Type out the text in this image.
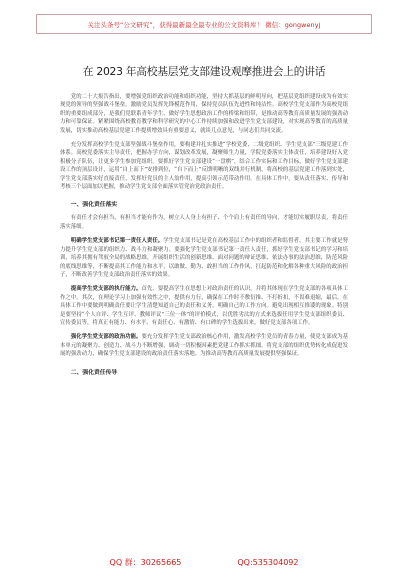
关注头条号“公文研究”，获得最新最全最专业的公文资料库！ 微信：gongwenyj
在 2023 年高校基层党支部建设观摩推进会上的讲话

党的二十大报告指出，要增强党组织政治功能和组织功能，坚持大抓基层的鲜明导向，把基层党组织建设成为有效实现党的领导的坚强战斗堡垒。激励党员发挥先锋模范作用，保持党员队伍先进性和纯洁性。高校学生党支部作为高校党组织的重要组成部分，是我们党联系青年学生、做好学生思想政治工作的桥梁和纽带，是推动高等教育高质量发展的强劲动力和可靠保证。紧紧围绕高校教育教学和科学研究的中心工作持续加强和改进学生党支部建设，对实现高等教育的高质量发展，切实推动高校基层党建工作提质增效具有重要意义，就谈几点意见，与同志们共同交流。

充分发挥高校学生党支部坚强战斗堡垒作用，要构建并扎实推进“学校党委、二级党组织、学生党支部”三级党建工作体系。高校党委落实主导责任，把握办学方向，谋划改革发展，凝聚师生力量，学院党委落实主体责任，培养建设好入党积极分子队伍，让更多学生参加党组织。要抓好学生党支部建设“一盘棋”，结合工作实际和工作目标，做好学生党支部建设工作的顶层设计，运用“自上而下”安排到位，“自下而上”反馈明晰的双线并行机制，将高校的基层党建工作落到实处，学生党支部落实好直接责任，发挥好党员的主人翁作用，提高引领示范带动作用。在具体工作中，要从责任落实、传导和考核三个层面加以把握，推动学生党支部全面落实管党治党政治责任。

一、强化责任落实

有责任才会有担当，有担当才能有作为，树立人人身上有担子、个个肩上有责任的导向，才能切实履职尽责，将责任落实落细。

明确学生党支部书记第一责任人责任。学生党支部书记是党在高校基层工作中的组织者和监督者，其主要工作就是努力提升学生党支部的组织力、战斗力和凝聚力。要强化学生党支部书记第一责任人责任，抓好学生党支部书记的学习和培训，培养其拥有驾驭全局的战略思维，开展组织生活的创新思维、面对问题的辩证思维、依法办事的法治思维，防范风险的底线思维等，不断提高其工作能力和水平，以敢做、勤为、敢担当的工作作风，扛起防范和化解各种重大风险的政治担子，不断改善学生党支部政治责任落实的效果。

提高学生党支部的执行能力。首先，要提高学生在思想上对政治责任的认识，并将其体现在学生党支部的各项具体工作之中。其次，在理论学习上加强有效性之中，提供有力行，确保在工作时不敷衍推、不打折扣，不畏难退缩，最后，在具体工作中要做到明确责任要让学生清楚知道自己的责任和义务，明确自己的工作方向。避免出现相互推诿的现象。特别是要坚持“个人自评、学生互评、教师评议”三位一体”的评价模式，以优胜劣汰的方式来选拔任用学生党支部组织委员、宣传委员等，将真正有能力、有水平、有责任心、有激情、有口碑的学生选拔出来，做好党支部各项工作。

强化学生党支部的政治功能。要充分发挥学生党支部政治核心作用，激发高校学生党员的青春力量，使党支部成为基本单元的凝聚力、创造力、战斗力不断增强，调动一切积极因素把党建工作抓实抓细，将党支部的组织优势转化成促进发展的强劲动力，确保学生党支部建设的政治责任落实落地。为推动高等教育高质量发展提供坚强保证。

二、强化责任传导
QQ 群：30265665	QQ:535304092
